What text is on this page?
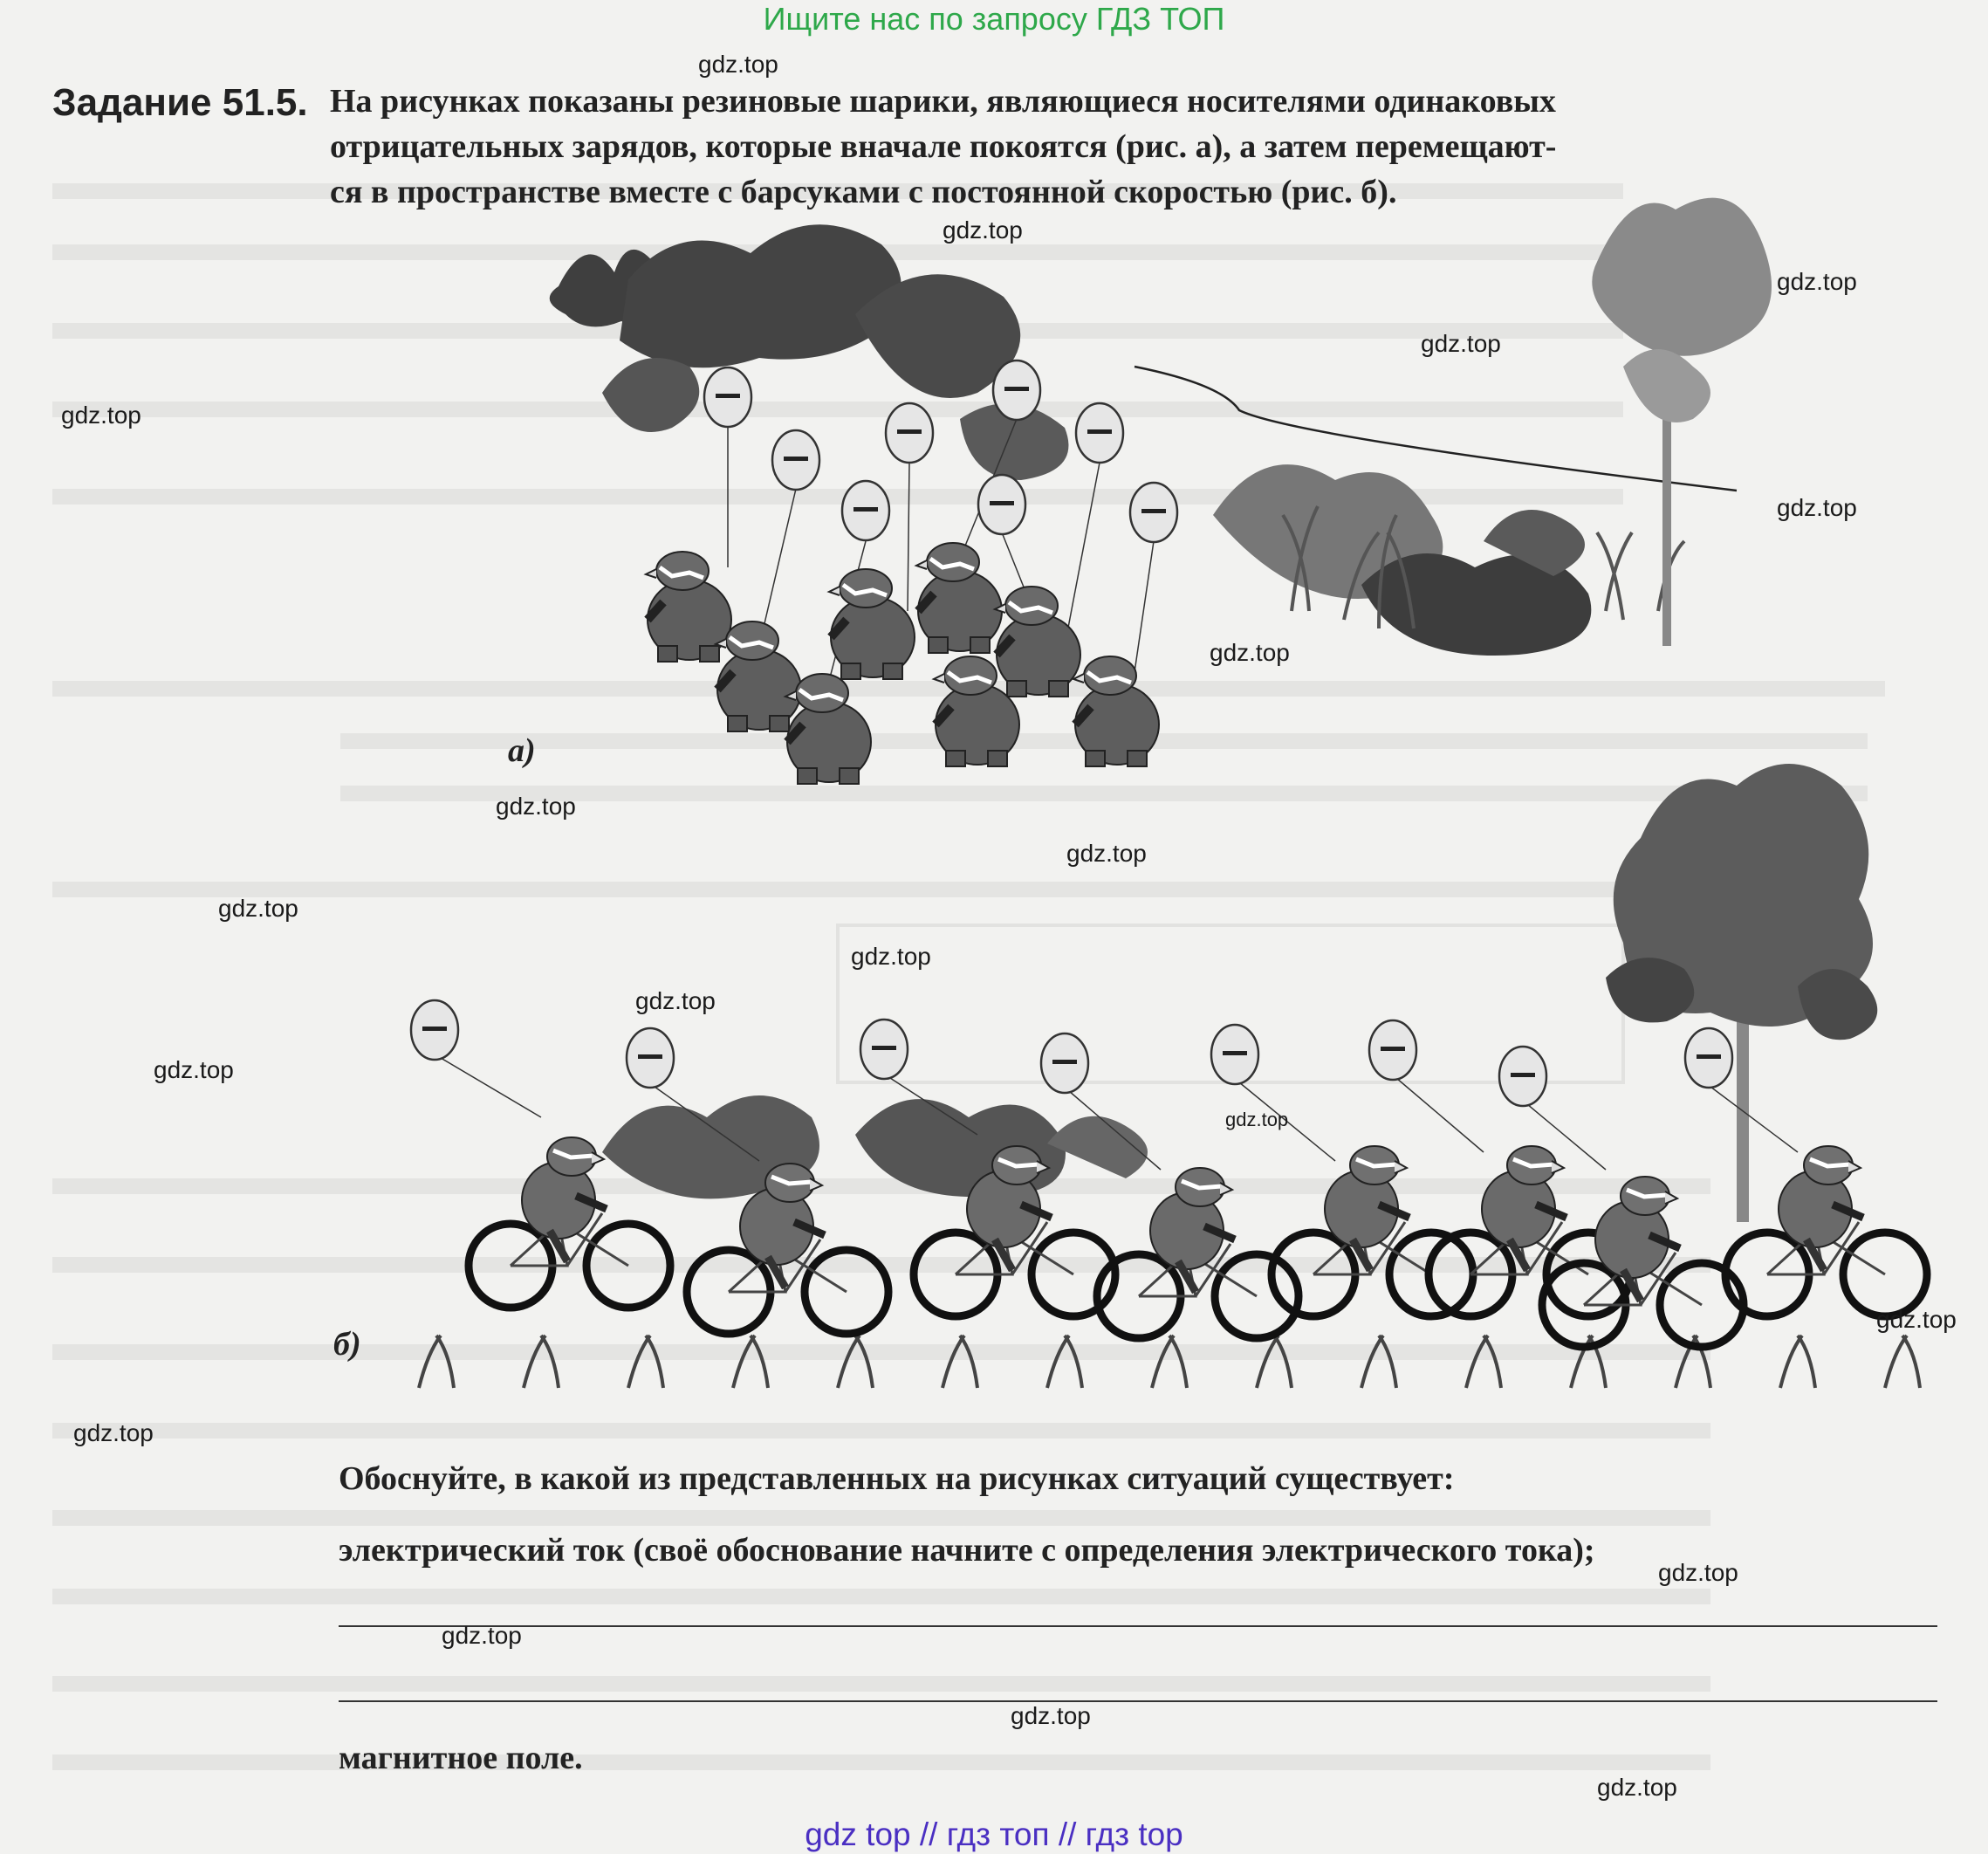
Ищите нас по запросу ГДЗ ТОП
Задание 51.5. На рисунках показаны резиновые шарики, являющиеся носителями одинаковых
отрицательных зарядов, которые вначале покоятся (рис. а), а затем перемещают-
ся в пространстве вместе с барсуками с постоянной скоростью (рис. б).
а)
б)
Обоснуйте, в какой из представленных на рисунках ситуаций существует:
электрический ток (своё обоснование начните с определения электрического тока);
магнитное поле.
gdz.top
gdz.top
gdz.top
gdz.top
gdz.top
gdz.top
gdz.top
gdz.top
gdz.top
gdz.top
gdz.top
gdz.top
gdz.top
gdz.top
gdz.top
gdz.top
gdz.top
gdz.top
gdz.top
gdz.top
gdz top // гдз топ // гдз top
